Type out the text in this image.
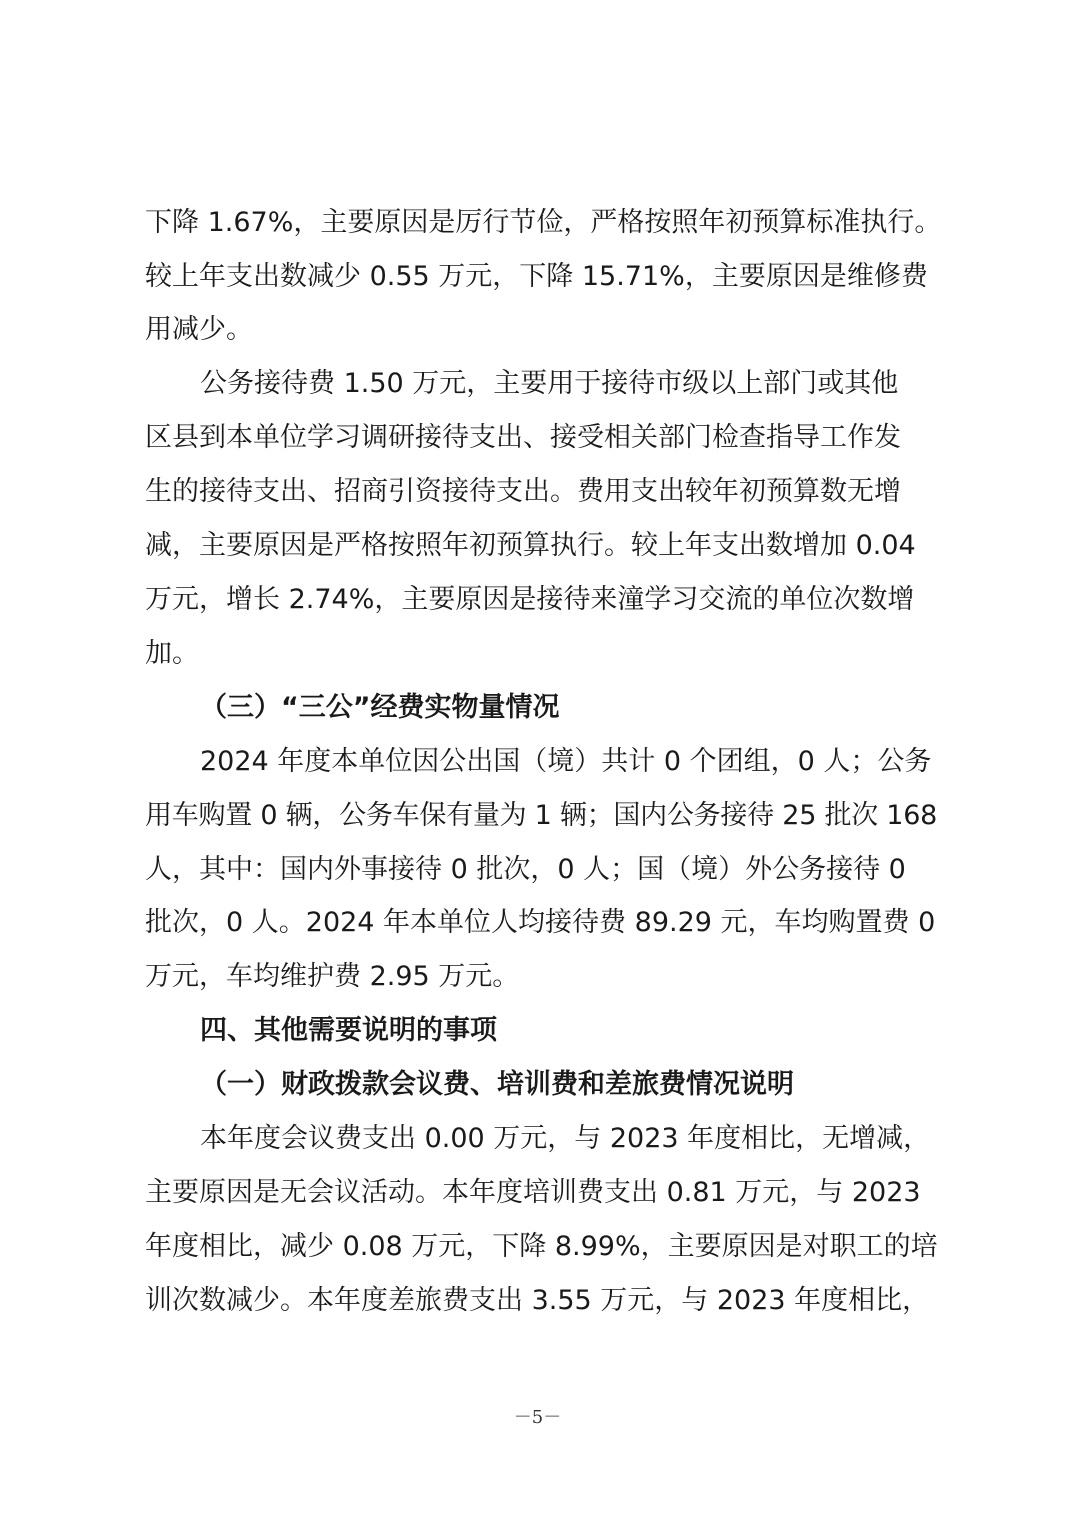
下降 1.67%，主要原因是厉行节俭，严格按照年初预算标准执行。
较上年支出数减少 0.55 万元，下降 15.71%，主要原因是维修费
用减少。
公务接待费 1.50 万元，主要用于接待市级以上部门或其他
区县到本单位学习调研接待支出、接受相关部门检查指导工作发
生的接待支出、招商引资接待支出。费用支出较年初预算数无增
减，主要原因是严格按照年初预算执行。较上年支出数增加 0.04
万元，增长 2.74%，主要原因是接待来潼学习交流的单位次数增
加。
（三）“三公”经费实物量情况
2024 年度本单位因公出国（境）共计 0 个团组，0 人；公务
用车购置 0 辆，公务车保有量为 1 辆；国内公务接待 25 批次 168
人，其中：国内外事接待 0 批次，0 人；国（境）外公务接待 0
批次，0 人。2024 年本单位人均接待费 89.29 元，车均购置费 0
万元，车均维护费 2.95 万元。
四、其他需要说明的事项
（一）财政拨款会议费、培训费和差旅费情况说明
本年度会议费支出 0.00 万元，与 2023 年度相比，无增减，
主要原因是无会议活动。本年度培训费支出 0.81 万元，与 2023
年度相比，减少 0.08 万元，下降 8.99%，主要原因是对职工的培
训次数减少。本年度差旅费支出 3.55 万元，与 2023 年度相比，
－5－
